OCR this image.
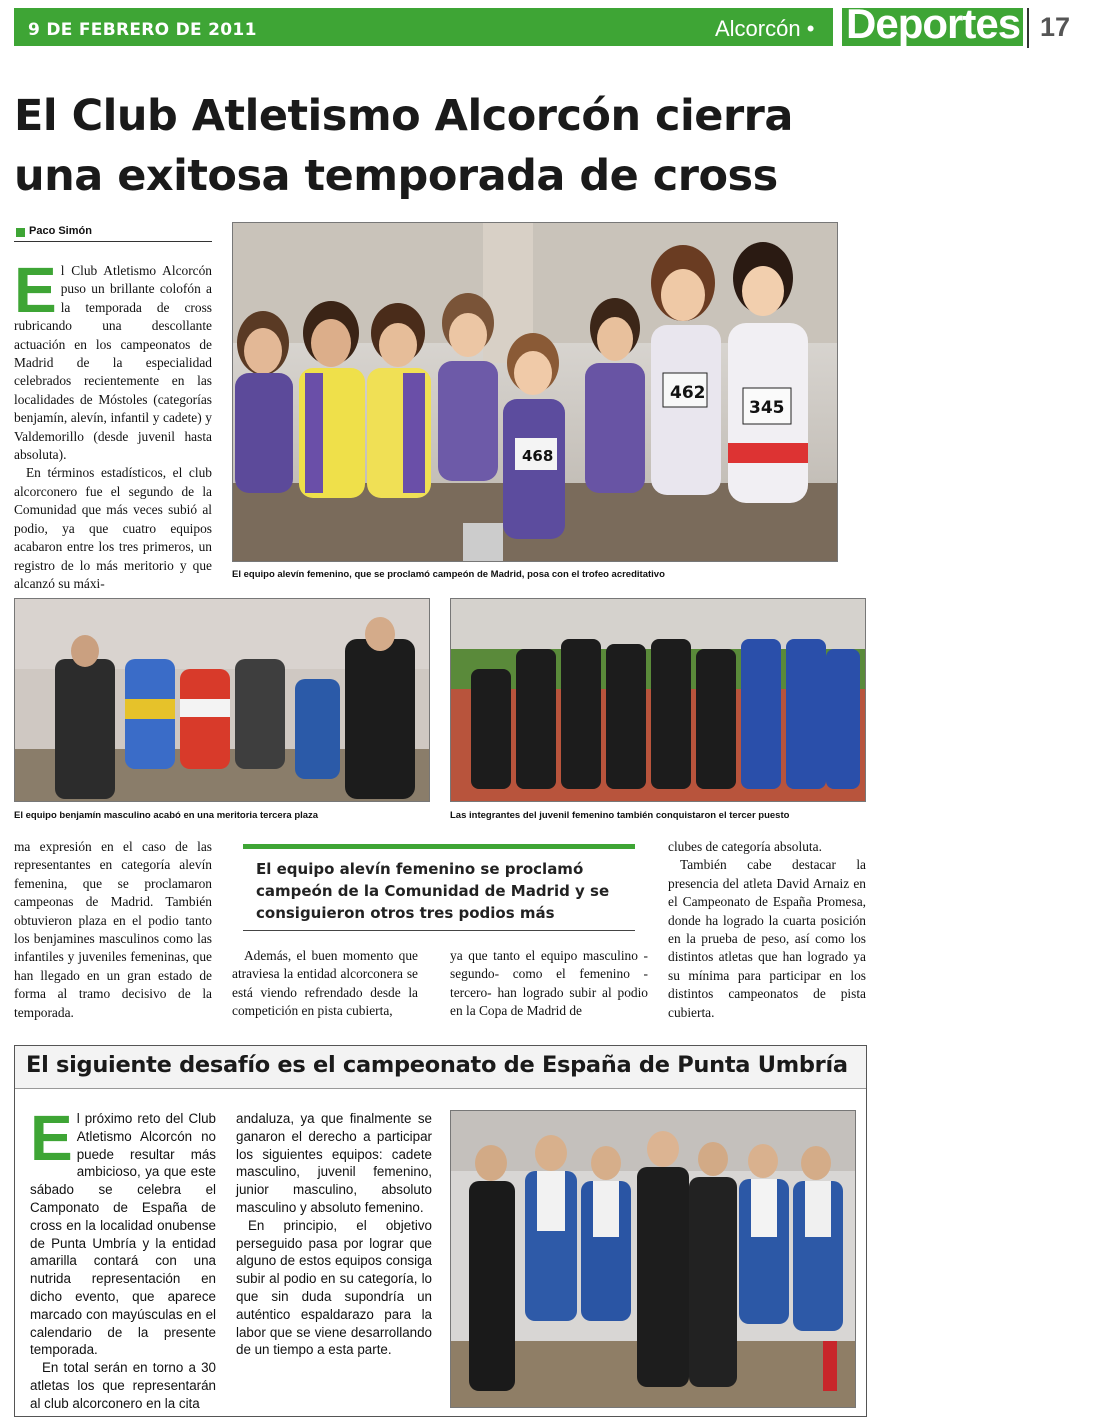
9 DE FEBRERO DE 2011	Alcorcón • Deportes 17
El Club Atletismo Alcorcón cierra
una exitosa temporada de cross
Paco Simón

El Club Atletismo Alcorcón puso un brillante colofón a la temporada de cross rubricando una descollante actuación en los campeonatos de Madrid de la especialidad celebrados recientemente en las localidades de Móstoles (categorías benjamín, alevín, infantil y cadete) y Valdemorillo (desde juvenil hasta absoluta).

En términos estadísticos, el club alcorconero fue el segundo de la Comunidad que más veces subió al podio, ya que cuatro equipos acabaron entre los tres primeros, un registro de lo más meritorio y que alcanzó su máxi-

468
462
345
El equipo alevín femenino, que se proclamó campeón de Madrid, posa con el trofeo acreditativo
El equipo benjamín masculino acabó en una meritoria tercera plaza	Las integrantes del juvenil femenino también conquistaron el tercer puesto

ma expresión en el caso de las representantes en categoría alevín femenina, que se proclamaron campeonas de Madrid. También obtuvieron plaza en el podio tanto los benjamines masculinos como las infantiles y juveniles femeninas, que han llegado en un gran estado de forma al tramo decisivo de la temporada.

El equipo alevín femenino se proclamó campeón de la Comunidad de Madrid y se consiguieron otros tres podios más

Además, el buen momento que atraviesa la entidad alcorconera se está viendo refrendado desde la competición en pista cubierta,

ya que tanto el equipo masculino -segundo- como el femenino -tercero- han logrado subir al podio en la Copa de Madrid de

clubes de categoría absoluta.

También cabe destacar la presencia del atleta David Arnaiz en el Campeonato de España Promesa, donde ha logrado la cuarta posición en la prueba de peso, así como los distintos atletas que han logrado ya su mínima para participar en los distintos campeonatos de pista cubierta.

El siguiente desafío es el campeonato de España de Punta Umbría

El próximo reto del Club Atletismo Alcorcón no puede resultar más ambicioso, ya que este sábado se celebra el Camponato de España de cross en la localidad onubense de Punta Umbría y la entidad amarilla contará con una nutrida representación en dicho evento, que aparece marcado con mayúsculas en el calendario de la presente temporada.

En total serán en torno a 30 atletas los que representarán al club alcorconero en la cita

andaluza, ya que finalmente se ganaron el derecho a participar los siguientes equipos: cadete masculino, juvenil femenino, junior masculino, absoluto masculino y absoluto femenino.

En principio, el objetivo perseguido pasa por lograr que alguno de estos equipos consiga subir al podio en su categoría, lo que sin duda supondría un auténtico espaldarazo para la labor que se viene desarrollando de un tiempo a esta parte.
